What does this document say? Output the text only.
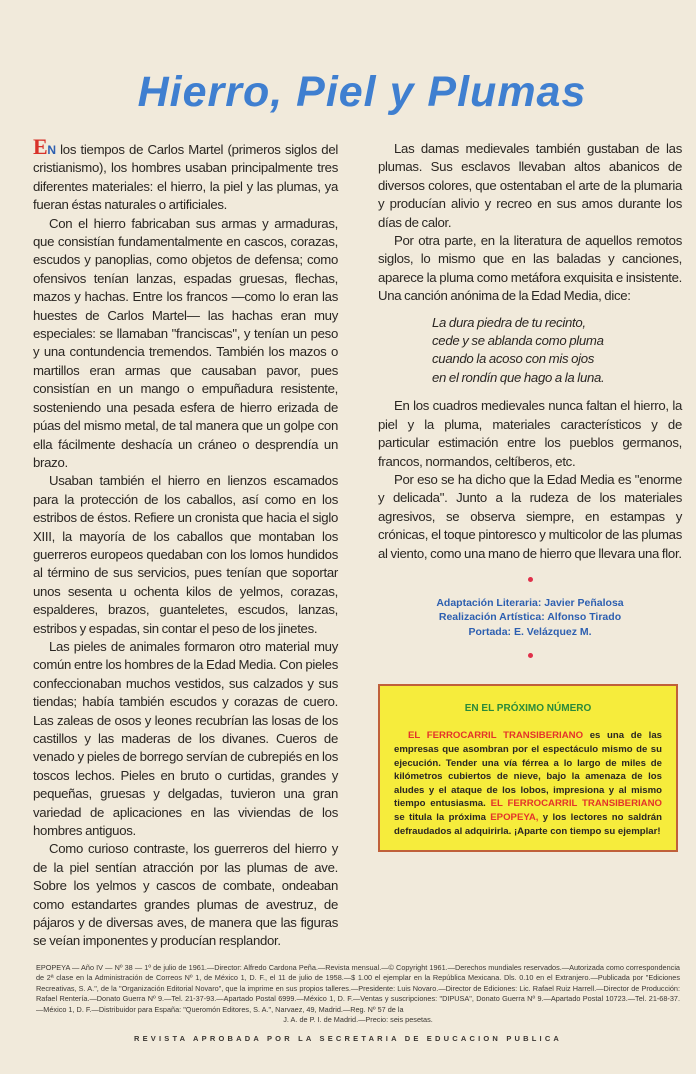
Hierro, Piel y Plumas

EN los tiempos de Carlos Martel (primeros siglos del cristianismo), los hombres usaban principalmente tres diferentes materiales: el hierro, la piel y las plumas, ya fueran éstas naturales o artificiales.

Con el hierro fabricaban sus armas y armaduras, que consistían fundamentalmente en cascos, corazas, escudos y panoplias, como objetos de defensa; como ofensivos tenían lanzas, espadas gruesas, flechas, mazos y hachas. Entre los francos —como lo eran las huestes de Carlos Martel— las hachas eran muy especiales: se llamaban "franciscas", y tenían un peso y una contundencia tremendos. También los mazos o martillos eran armas que causaban pavor, pues consistían en un mango o empuñadura resistente, sosteniendo una pesada esfera de hierro erizada de púas del mismo metal, de tal manera que un golpe con ella fácilmente deshacía un cráneo o desprendía un brazo.

Usaban también el hierro en lienzos escamados para la protección de los caballos, así como en los estribos de éstos. Refiere un cronista que hacia el siglo XIII, la mayoría de los caballos que montaban los guerreros europeos quedaban con los lomos hundidos al término de sus servicios, pues tenían que soportar unos sesenta u ochenta kilos de yelmos, corazas, espalderes, brazos, guanteletes, escudos, lanzas, estribos y espadas, sin contar el peso de los jinetes.

Las pieles de animales formaron otro material muy común entre los hombres de la Edad Media. Con pieles confeccionaban muchos vestidos, sus calzados y sus tiendas; había también escudos y corazas de cuero. Las zaleas de osos y leones recubrían las losas de los castillos y las maderas de los divanes. Cueros de venado y pieles de borrego servían de cubrepiés en los toscos lechos. Pieles en bruto o curtidas, grandes y pequeñas, gruesas y delgadas, tuvieron una gran variedad de aplicaciones en las viviendas de los hombres antiguos.

Como curioso contraste, los guerreros del hierro y de la piel sentían atracción por las plumas de ave. Sobre los yelmos y cascos de combate, ondeaban como estandartes grandes plumas de avestruz, de pájaros y de diversas aves, de manera que las figuras se veían imponentes y producían resplandor.

Las damas medievales también gustaban de las plumas. Sus esclavos llevaban altos abanicos de diversos colores, que ostentaban el arte de la plumaria y producían alivio y recreo en sus amos durante los días de calor.

Por otra parte, en la literatura de aquellos remotos siglos, lo mismo que en las baladas y canciones, aparece la pluma como metáfora exquisita e insistente. Una canción anónima de la Edad Media, dice:

La dura piedra de tu recinto,
cede y se ablanda como pluma
cuando la acoso con mis ojos
en el rondín que hago a la luna.

En los cuadros medievales nunca faltan el hierro, la piel y la pluma, materiales característicos y de particular estimación entre los pueblos germanos, francos, normandos, celtíberos, etc.

Por eso se ha dicho que la Edad Media es "enorme y delicada". Junto a la rudeza de los materiales agresivos, se observa siempre, en estampas y crónicas, el toque pintoresco y multicolor de las plumas al viento, como una mano de hierro que llevara una flor.

Adaptación Literaria: Javier Peñalosa
Realización Artística: Alfonso Tirado
Portada: E. Velázquez M.
EN EL PRÓXIMO NÚMERO
EL FERROCARRIL TRANSIBERIANO es una de las empresas que asombran por el espectáculo mismo de su ejecución. Tender una vía férrea a lo largo de miles de kilómetros cubiertos de nieve, bajo la amenaza de los aludes y el ataque de los lobos, impresiona y al mismo tiempo entusiasma. EL FERROCARRIL TRANSIBERIANO se titula la próxima EPOPEYA, y los lectores no saldrán defraudados al adquirirla. ¡Aparte con tiempo su ejemplar!
EPOPEYA — Año IV — Nº 38 — 1º de julio de 1961.—Director: Alfredo Cardona Peña.—Revista mensual.—© Copyright 1961.—Derechos mundiales reservados.—Autorizada como correspondencia de 2ª clase en la Administración de Correos Nº 1, de México 1, D. F., el 11 de julio de 1958.—$ 1.00 el ejemplar en la República Mexicana. Dls. 0.10 en el Extranjero.—Publicada por "Ediciones Recreativas, S. A.", de la "Organización Editorial Novaro", que la imprime en sus propios talleres.—Presidente: Luis Novaro.—Director de Ediciones: Lic. Rafael Ruiz Harrell.—Director de Producción: Rafael Rentería.—Donato Guerra Nº 9.—Tel. 21-37-93.—Apartado Postal 6999.—México 1, D. F.—Ventas y suscripciones: "DIPUSA", Donato Guerra Nº 9.—Apartado Postal 10723.—Tel. 21-68-37.—México 1, D. F.—Distribuidor para España: "Queromón Editores, S. A.", Narvaez, 49, Madrid.—Reg. Nº 57 de la
J. A. de P. I. de Madrid.—Precio: seis pesetas.
REVISTA APROBADA POR LA SECRETARIA DE EDUCACION PUBLICA
